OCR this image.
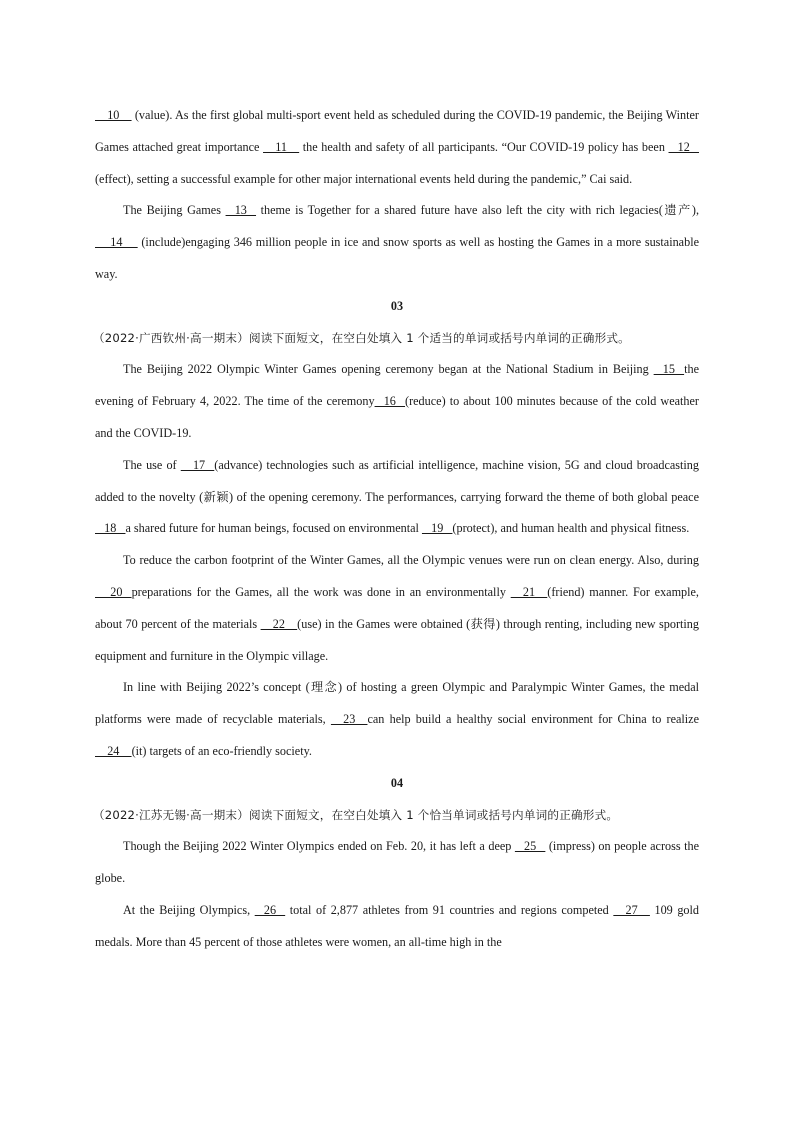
10     (value). As the first global multi-sport event held as scheduled during the COVID-19 pandemic, the Beijing Winter Games attached great importance     11     the health and safety of all participants. “Our COVID-19 policy has been    12    (effect), setting a successful example for other major international events held during the pandemic,” Cai said.

The Beijing Games    13    theme is Together for a shared future have also left the city with rich legacies(遗产),      14      (include)engaging 346 million people in ice and snow sports as well as hosting the Games in a more sustainable way.

03

（2022·广西钦州·高一期末）阅读下面短文，在空白处填入 1 个适当的单词或括号内单词的正确形式。

The Beijing 2022 Olympic Winter Games opening ceremony began at the National Stadium in Beijing    15   the evening of February 4, 2022. The time of the ceremony   16   (reduce) to about 100 minutes because of the cold weather and the COVID-19.

The use of     17   (advance) technologies such as artificial intelligence, machine vision, 5G and cloud broadcasting added to the novelty (新颖) of the opening ceremony. The performances, carrying forward the theme of both global peace    18   a shared future for human beings, focused on environmental    19   (protect), and human health and physical fitness.

To reduce the carbon footprint of the Winter Games, all the Olympic venues were run on clean energy. Also, during      20   preparations for the Games, all the work was done in an environmentally     21    (friend) manner. For example, about 70 percent of the materials     22    (use) in the Games were obtained (获得) through renting, including new sporting equipment and furniture in the Olympic village.

In line with Beijing 2022’s concept (理念) of hosting a green Olympic and Paralympic Winter Games, the medal platforms were made of recyclable materials,     23    can help build a healthy social environment for China to realize     24    (it) targets of an eco-friendly society.

04

（2022·江苏无锡·高一期末）阅读下面短文，在空白处填入 1 个恰当单词或括号内单词的正确形式。

Though the Beijing 2022 Winter Olympics ended on Feb. 20, it has left a deep    25    (impress) on people across the globe.

At the Beijing Olympics,    26    total of 2,877 athletes from 91 countries and regions competed     27     109 gold medals. More than 45 percent of those athletes were women, an all-time high in the
